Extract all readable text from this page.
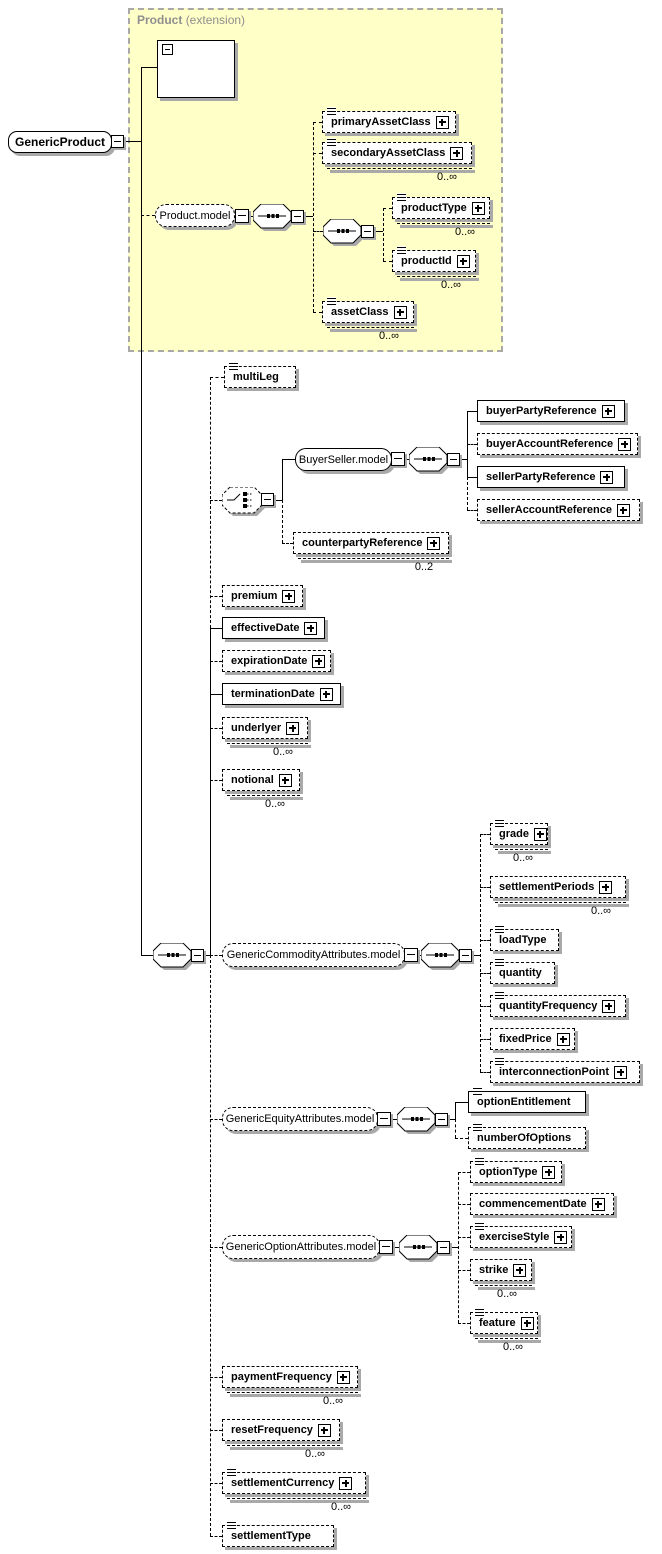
Product (extension)
GenericProduct
Product.model
primaryAssetClass
secondaryAssetClass
productType
productId
assetClass
multiLeg
BuyerSeller.model
buyerPartyReference
buyerAccountReference
sellerPartyReference
sellerAccountReference
counterpartyReference
premium
effectiveDate
expirationDate
terminationDate
underlyer
notional
GenericCommodityAttributes.model
grade
settlementPeriods
loadType
quantity
quantityFrequency
fixedPrice
interconnectionPoint
GenericEquityAttributes.model
optionEntitlement
numberOfOptions
GenericOptionAttributes.model
optionType
commencementDate
exerciseStyle
strike
feature
paymentFrequency
resetFrequency
settlementCurrency
settlementType
0..∞
0..∞
0..∞
0..∞
0..2
0..∞
0..∞
0..∞
0..∞
0..∞
0..∞
0..∞
0..∞
0..∞
